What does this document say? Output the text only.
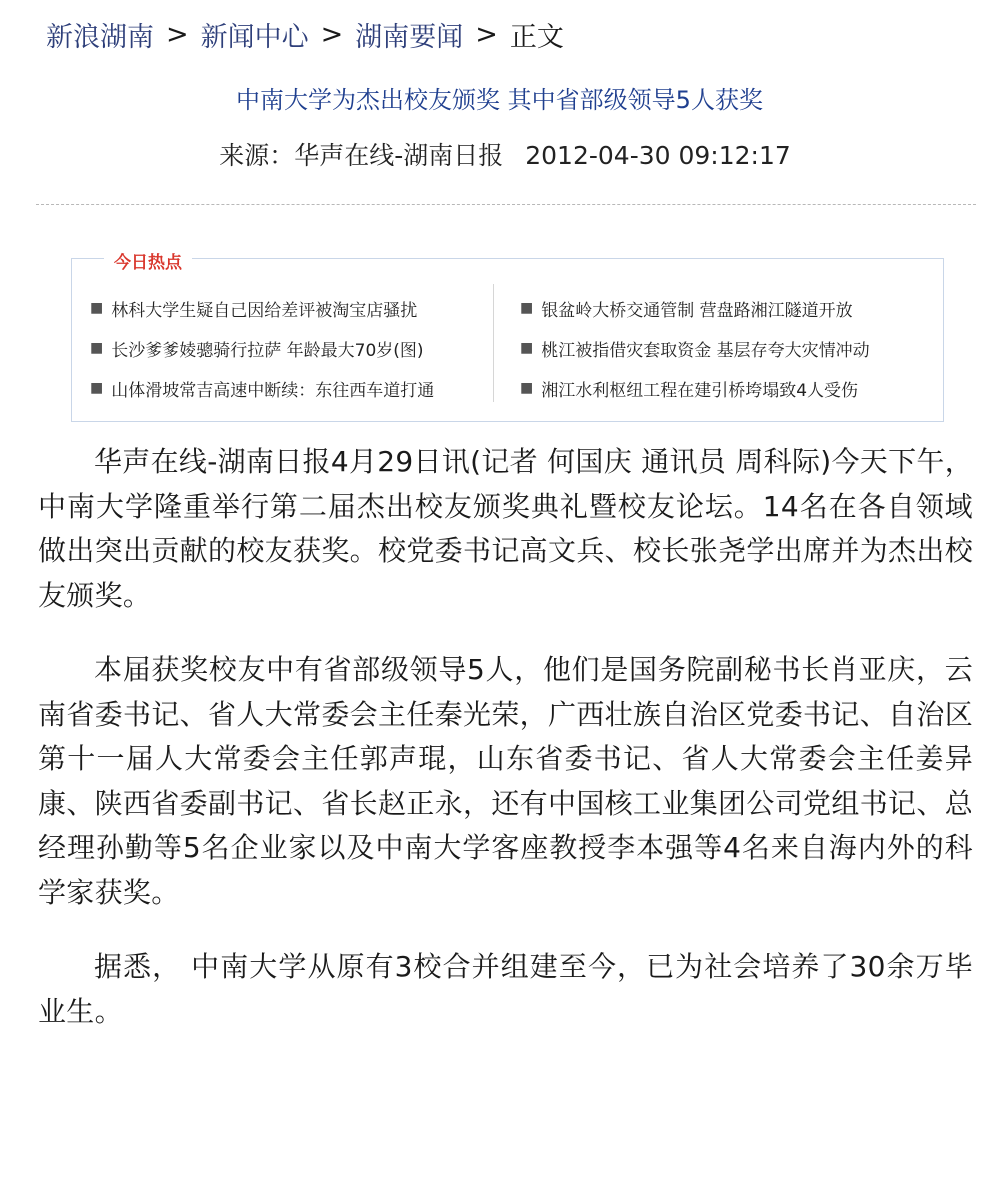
新浪湖南 > 新闻中心 > 湖南要闻 > 正文
中南大学为杰出校友颁奖 其中省部级领导5人获奖
来源：华声在线-湖南日报 2012-04-30 09:12:17
今日热点
■ 林科大学生疑自己因给差评被淘宝店骚扰
■ 长沙爹爹婈骢骑行拉萨 年龄最大70岁(图)
■ 山体滑坡常吉高速中断续：东往西车道打通
■ 银盆岭大桥交通管制 营盘路湘江隧道开放
■ 桃江被指借灾套取资金 基层存夸大灾情冲动
■ 湘江水利枢纽工程在建引桥垮塌致4人受伤

华声在线-湖南日报4月29日讯(记者 何国庆 通讯员 周科际)今天下午，中南大学隆重举行第二届杰出校友颁奖典礼暨校友论坛。14名在各自领域做出突出贡献的校友获奖。校党委书记高文兵、校长张尧学出席并为杰出校友颁奖。

本届获奖校友中有省部级领导5人，他们是国务院副秘书长肖亚庆，云南省委书记、省人大常委会主任秦光荣，广西壮族自治区党委书记、自治区第十一届人大常委会主任郭声琨，山东省委书记、省人大常委会主任姜异康、陕西省委副书记、省长赵正永，还有中国核工业集团公司党组书记、总经理孙勤等5名企业家以及中南大学客座教授李本强等4名来自海内外的科学家获奖。

据悉， 中南大学从原有3校合并组建至今，已为社会培养了30余万毕业生。
